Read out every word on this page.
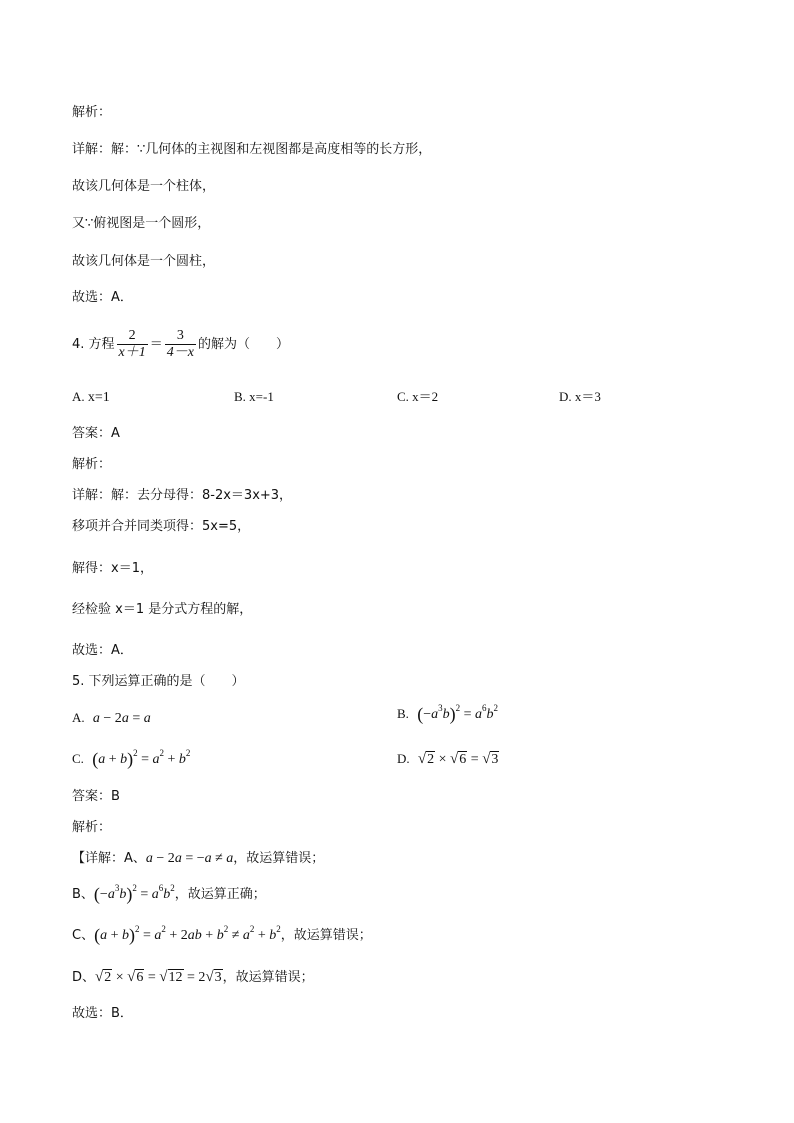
解析：
详解：解：∵几何体的主视图和左视图都是高度相等的长方形，
故该几何体是一个柱体，
又∵俯视图是一个圆形，
故该几何体是一个圆柱，
故选：A．
4. 方程 $\frac{2}{x+1} = \frac{3}{4-x}$ 的解为（　　）
A. x=1	B. x=-1	C. x＝2	D. x＝3
答案：A
解析：
详解：解：去分母得：8-2x＝3x+3，
移项并合并同类项得：5x=5，
解得：x＝1，
经检验 x＝1 是分式方程的解，
故选：A．
5. 下列运算正确的是（　　）
A. a − 2a = a	B. $(-a^3b)^2 = a^6b^2$
C. $(a + b)^2 = a^2 + b^2$	D. √2 × √6 = √3
答案：B
解析：
【详解：A、a − 2a = −a ≠ a，故运算错误；
B、$(-a^3b)^2 = a^6b^2$，故运算正确；
C、$(a + b)^2 = a^2 + 2ab + b^2 \ne a^2 + b^2$，故运算错误；
D、√2 × √6 = √12 = 2√3，故运算错误；
故选：B．
